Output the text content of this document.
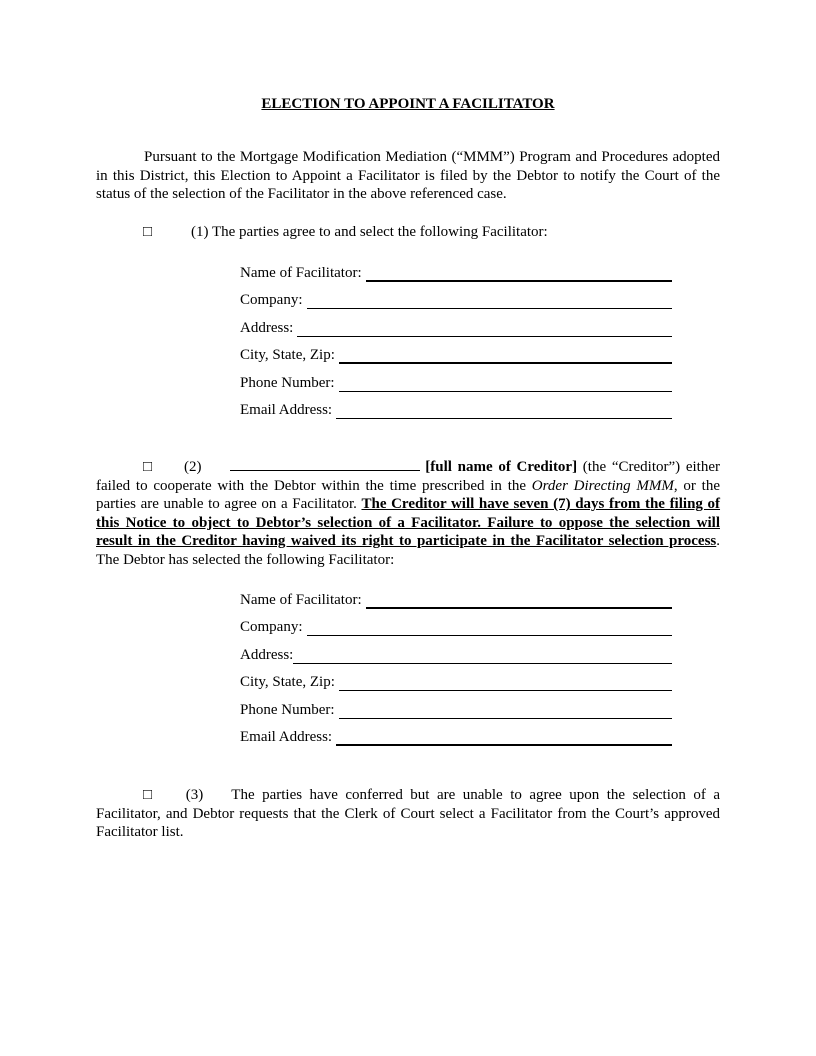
ELECTION TO APPOINT A FACILITATOR
Pursuant to the Mortgage Modification Mediation (“MMM”) Program and Procedures adopted in this District, this Election to Appoint a Facilitator is filed by the Debtor to notify the Court of the status of the selection of the Facilitator in the above referenced case.
□	(1) The parties agree to and select the following Facilitator:
Name of Facilitator:
Company:
Address:
City, State, Zip:
Phone Number:
Email Address:
□ (2)	[full name of Creditor] (the “Creditor”) either failed to cooperate with the Debtor within the time prescribed in the Order Directing MMM, or the parties are unable to agree on a Facilitator. The Creditor will have seven (7) days from the filing of this Notice to object to Debtor’s selection of a Facilitator. Failure to oppose the selection will result in the Creditor having waived its right to participate in the Facilitator selection process. The Debtor has selected the following Facilitator:
Name of Facilitator:
Company:
Address:
City, State, Zip:
Phone Number:
Email Address:
□ (3) The parties have conferred but are unable to agree upon the selection of a Facilitator, and Debtor requests that the Clerk of Court select a Facilitator from the Court’s approved Facilitator list.
